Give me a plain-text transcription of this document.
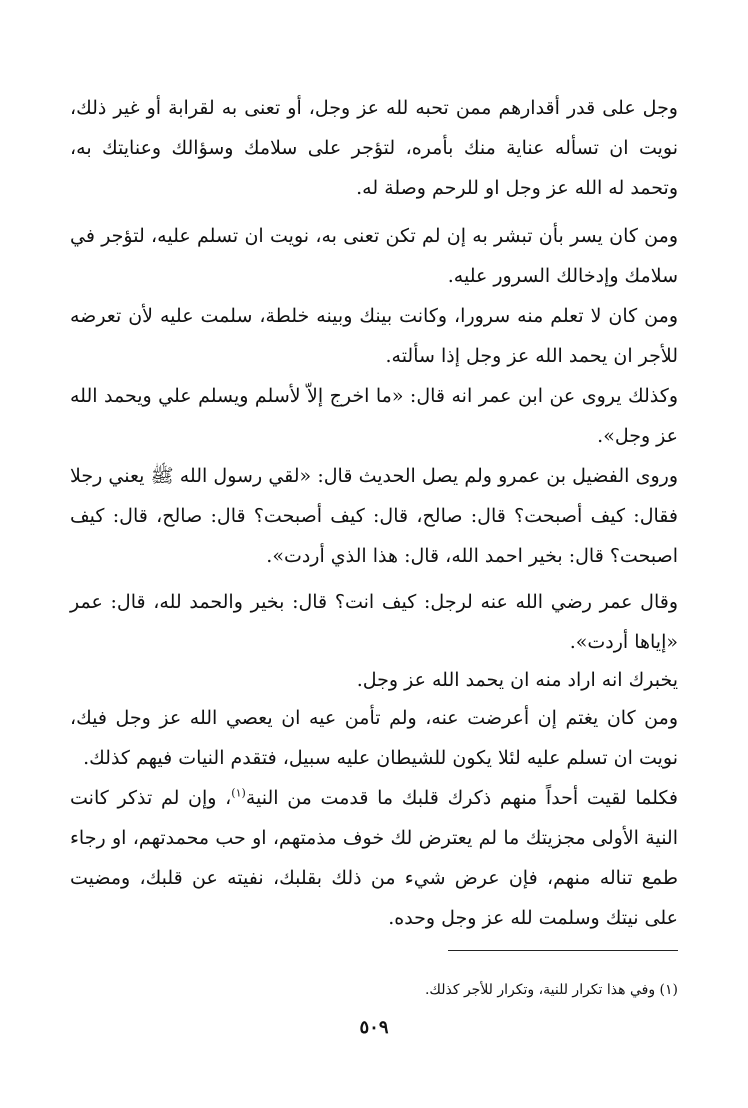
وجل على قدر أقدارهم ممن تحبه لله عز وجل، أو تعنى به لقرابة أو غير ذلك، نويت ان تسأله عناية منك بأمره، لتؤجر على سلامك وسؤالك وعنايتك به، وتحمد له الله عز وجل او للرحم وصلة له.

ومن كان يسر بأن تبشر به إن لم تكن تعنى به، نويت ان تسلم عليه، لتؤجر في سلامك وإدخالك السرور عليه.

ومن كان لا تعلم منه سرورا، وكانت بينك وبينه خلطة، سلمت عليه لأن تعرضه للأجر ان يحمد الله عز وجل إذا سألته.

وكذلك يروى عن ابن عمر انه قال: «ما اخرج إلاّ لأسلم ويسلم علي ويحمد الله عز وجل».

وروى الفضيل بن عمرو ولم يصل الحديث قال: «لقي رسول الله ﷺ يعني رجلا فقال: كيف أصبحت؟ قال: صالح، قال: كيف أصبحت؟ قال: صالح، قال: كيف اصبحت؟ قال: بخير احمد الله، قال: هذا الذي أردت».

وقال عمر رضي الله عنه لرجل: كيف انت؟ قال: بخير والحمد لله، قال: عمر «إياها أردت».

يخبرك انه اراد منه ان يحمد الله عز وجل.

ومن كان يغتم إن أعرضت عنه، ولم تأمن عيه ان يعصي الله عز وجل فيك، نويت ان تسلم عليه لئلا يكون للشيطان عليه سبيل، فتقدم النيات فيهم كذلك.

فكلما لقيت أحداً منهم ذكرك قلبك ما قدمت من النية$^{(١)}$، وإن لم تذكر كانت النية الأولى مجزيتك ما لم يعترض لك خوف مذمتهم، او حب محمدتهم، او رجاء طمع تناله منهم، فإن عرض شيء من ذلك بقلبك، نفيته عن قلبك، ومضيت على نيتك وسلمت لله عز وجل وحده.

(١) وفي هذا تكرار للنية، وتكرار للأجر كذلك.
٥٠٩
